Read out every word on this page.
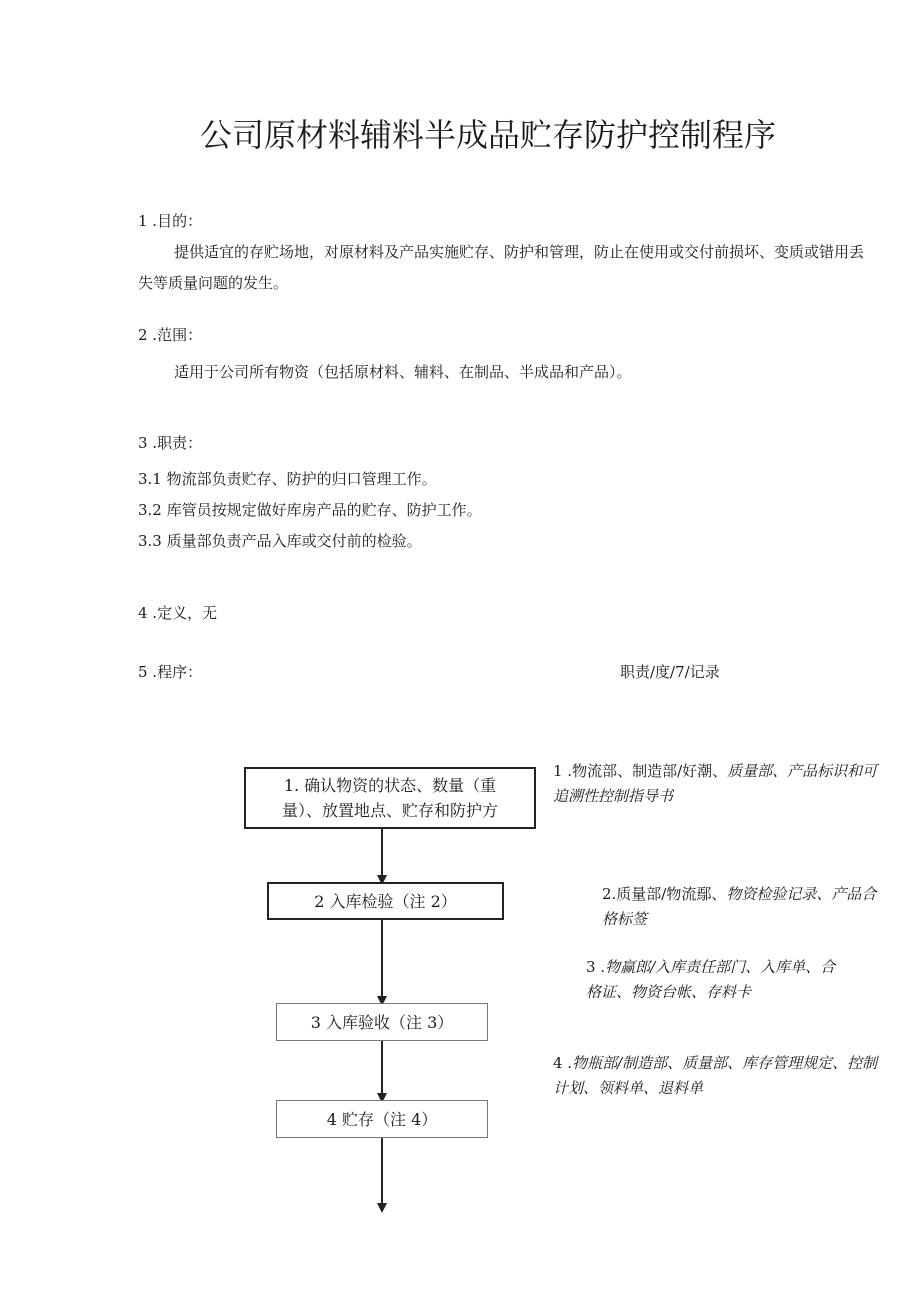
公司原材料辅料半成品贮存防护控制程序
1 .目的：
提供适宜的存贮场地，对原材料及产品实施贮存、防护和管理，防止在使用或交付前损坏、变质或错用丢失等质量问题的发生。
2 .范围：
适用于公司所有物资（包括原材料、辅料、在制品、半成品和产品）。
3 .职责：
3.1 物流部负责贮存、防护的归口管理工作。
3.2 库管员按规定做好库房产品的贮存、防护工作。
3.3 质量部负责产品入库或交付前的检验。
4 .定义，无
5 .程序：	职责/度/7/记录
1. 确认物资的状态、数量（重
量）、放置地点、贮存和防护方
2 入库检验（注 2）
3 入库验收（注 3）
4 贮存（注 4）
1 .物流部、制造部/好潮、质量部、产品标识和可追溯性控制指导书
2.质量部/物流鄢、物资检验记录、产品合格标签
3 .物赢郎/入库责任部门、入库单、合格证、物资台帐、存料卡
4 .物瓶部/制造部、质量部、库存管理规定、控制计划、领料单、退料单
